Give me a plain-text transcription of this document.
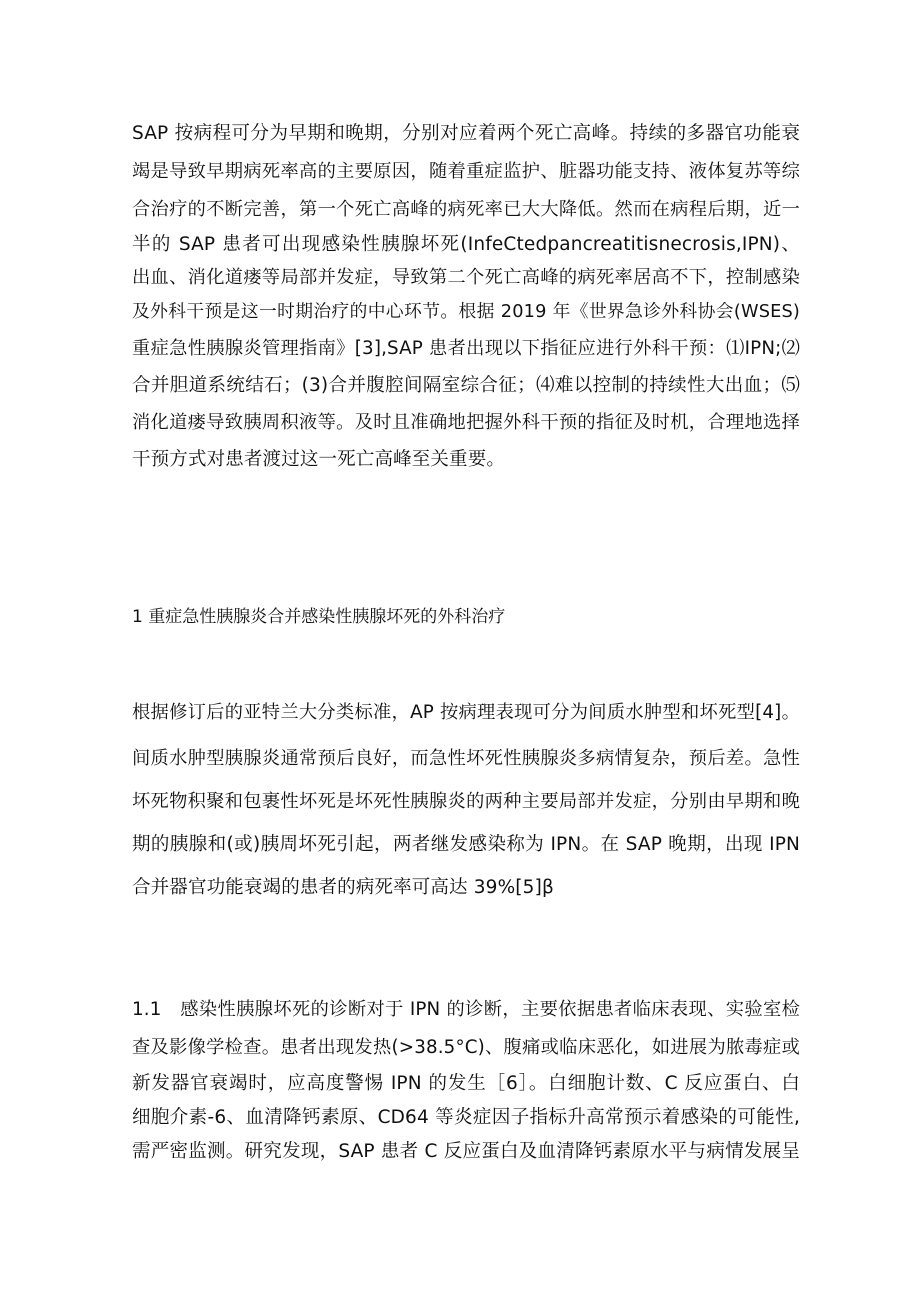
SAP 按病程可分为早期和晚期，分别对应着两个死亡高峰。持续的多器官功能衰
竭是导致早期病死率高的主要原因，随着重症监护、脏器功能支持、液体复苏等综
合治疗的不断完善，第一个死亡高峰的病死率已大大降低。然而在病程后期，近一
半的 SAP 患者可出现感染性胰腺坏死(InfeCtedpancreatitisnecrosis,IPN)、
出血、消化道瘘等局部并发症，导致第二个死亡高峰的病死率居高不下，控制感染
及外科干预是这一时期治疗的中心环节。根据 2019 年《世界急诊外科协会(WSES)
重症急性胰腺炎管理指南》[3],SAP 患者出现以下指征应进行外科干预：⑴IPN;⑵
合并胆道系统结石；(3)合并腹腔间隔室综合征；⑷难以控制的持续性大出血；⑸
消化道瘘导致胰周积液等。及时且准确地把握外科干预的指征及时机，合理地选择
干预方式对患者渡过这一死亡高峰至关重要。
1 重症急性胰腺炎合并感染性胰腺坏死的外科治疗
根据修订后的亚特兰大分类标准，AP 按病理表现可分为间质水肿型和坏死型[4]。
间质水肿型胰腺炎通常预后良好，而急性坏死性胰腺炎多病情复杂，预后差。急性
坏死物积聚和包裹性坏死是坏死性胰腺炎的两种主要局部并发症，分别由早期和晚
期的胰腺和(或)胰周坏死引起，两者继发感染称为 IPN。在 SAP 晚期，出现 IPN
合并器官功能衰竭的患者的病死率可高达 39%[5]β
1.1　感染性胰腺坏死的诊断对于 IPN 的诊断，主要依据患者临床表现、实验室检
查及影像学检查。患者出现发热(>38.5°C)、腹痛或临床恶化，如进展为脓毒症或
新发器官衰竭时，应高度警惕 IPN 的发生［6］。白细胞计数、C 反应蛋白、白
细胞介素-6、血清降钙素原、CD64 等炎症因子指标升高常预示着感染的可能性,
需严密监测。研究发现，SAP 患者 C 反应蛋白及血清降钙素原水平与病情发展呈
